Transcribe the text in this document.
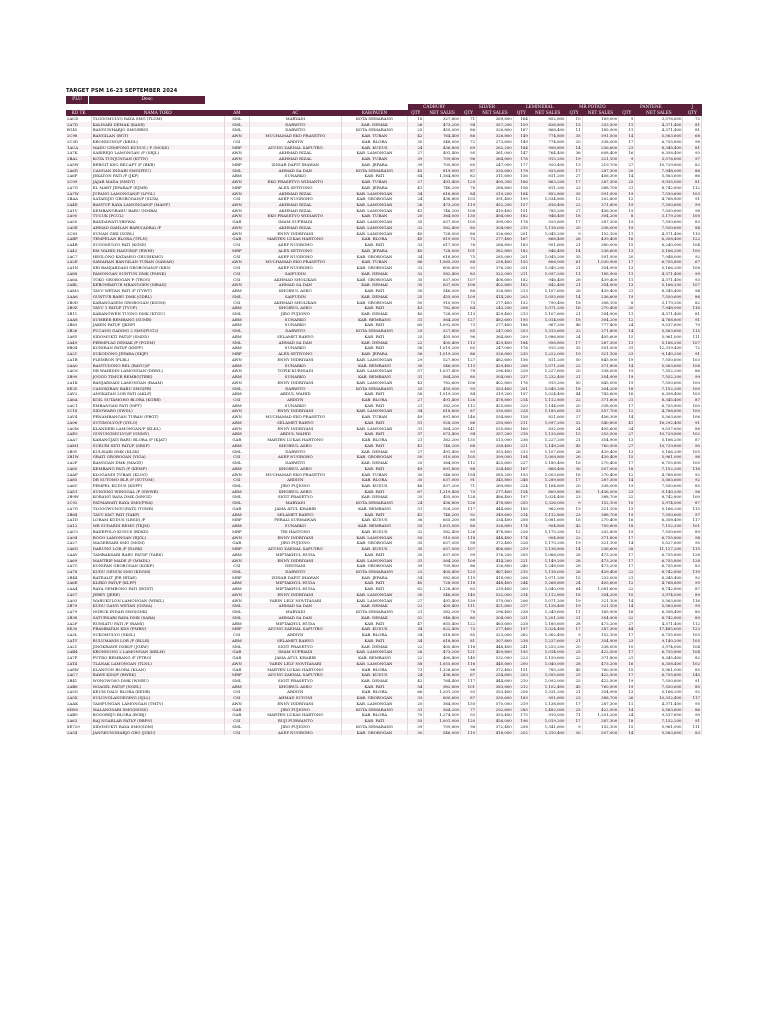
TARGET PSM 16-23 SEPTEMBER 2024
PLU	Desc
					CADBURY		SILVER		LEMINERAL		MR POTATO		PANTENE		J
KD TK	NAMA TOKO	AM	AC	KAB/PATEN	QTY	NET SALES	QTY	NET SALES	QTY	NET SALES	QTY	NET SALES	QTY	NET SALES	QTY
2ACD	TLOGOMULYO RAYA SMG (TLGM)	SML	MARYADI	KOTA SEMARANG	18	327,600	71	269,800	164	852,800	10	169,000	9	3,576,600	72
2A7D	KALISARI DEMAK (KASR)	SML	DARWITO	KAB. DEMAK	26	473,200	94	357,200	159	826,800	15	253,500	11	4,371,400	81
B145	BANGUNHARJO SMG(BBG)	SML	DARWITO	KOTA SEMARANG	25	455,000	86	326,800	167	868,400	11	185,900	11	4,371,400	81
2C98	BANGILAN (BGT)	AWN	MUCHAMAD EKO PRASETYO	KAB. TUBAN	42	764,400	86	326,800	149	774,800	35	591,500	14	5,563,600	68
2C3D	KRONDONG/F (KRDL)	CSI	ARDIYN	KAB. BLORA	30	546,000	72	273,600	149	774,800	20	338,000	17	6,755,800	98
1ACA	MADU CEMPONG KUDUS / F (MCKS)	MRP	AYUNG ZAENAL SAPUTRO	KAB. KUDUS	24	436,800	69	262,200	184	956,800	14	236,600	21	8,345,400	81
2A7K	SARIREJO LAMONGAN /F (SRJL)	AWN	AKHMAD RIZAL	KAB. LAMONGAN	27	491,400	95	361,000	147	764,400	36	608,400	16	6,358,400	93
2BA2	KOTA TUNJUNGAN (KTTN)	AWN	AKHMAD RIZAL	KAB. TUBAN	39	709,800	96	364,800	176	915,200	19	321,100	9	3,576,600	97
2A5W	BERGIT KSO RECAPT /F (BKR)	MRP	ZINIAR DAFIT IHAWAN	KAB. JEPARA	39	709,800	65	247,000	177	920,400	13	219,700	27	10,729,800	82
2A6D	CANGAN INDARI SMG(PDU)	SML	AHMAD SA DAN	KOTA SEMARANG	45	819,000	87	330,600	178	925,600	17	287,300	20	7,948,000	86
2A6P	JEKATON PATI /F (JKP)	ABM	SUNARKO	KAB. PATI	64	1,164,800	82	311,600	156	811,200	27	456,300	14	5,563,600	86
2C09	JAJAR MADA (SMDT)	AWN	EKO PRASETYO WIDIANTO	KAB. TUBAN	27	491,400	129	490,200	166	863,200	17	287,300	25	9,935,000	81
2A7G	EL MART JEPARA/F (EJMR)	MRP	ALEX SETIYONO	KAB. JEPARA	41	746,200	76	288,800	156	811,200	23	388,700	21	8,742,800	112
2A7W	JUPANG LAMONGAN/F (LPGL)	AWN	AKHMAD RIZAL	KAB. LAMONGAN	34	618,800	84	319,200	164	852,800	35	591,500	19	7,550,600	103
2BAA	SATADIJIO GROBOGAN/F (SLTA)	CSI	ASEP NUGROHO	KAB. GROBOGAN	24	436,800	103	391,400	199	1,034,800	12	202,800	12	4,768,800	91
2A4E	BANTUP RAYA LAMONGAN/F (MANF)	AWN	AKHMAD RIZAL	KAB. LAMONGAN	26	473,200	119	452,200	157	816,400	22	371,800	19	7,550,600	99
2A1V	KEMBANGBAHU BARU (NMBA)	AWN	AKHMAD RIZAL	KAB. LAMONGAN	41	746,200	108	410,400	151	785,200	27	456,300	19	7,550,600	98
2A90	TUCUK (PCUL)	AWN	EKO PRASETYO WIDIANTO	KAB. TUBAN	20	364,000	130	494,000	182	946,400	18	304,200	8	3,179,200	100
2A50	BANDAWATU(BDWA)	GAR	IMAM SUFRIADI	KAB. LAMONGAN	35	637,000	105	399,000	178	925,600	17	287,300	19	7,550,600	83
2A5E	AHMAD DAHLAN BARU(ADBA) /F	AWN	AKHMAD RIZAL	KAB. LAMONGAN	32	582,400	80	304,000	215	1,118,000	20	338,000	19	7,550,600	84
2C83	SUNAN GIRI (SGRL)	AWN	ENNY INDRIYANI	KAB. LAMONGAN	40	728,000	86	326,800	201	1,045,200	9	152,100	11	4,371,400	110
2ABP	TEMPELAN BLORA (TPLN)	GAR	MARTEN LUKAS HARTONO	KAB. BLORA	45	819,000	73	277,400	167	868,400	26	439,400	16	6,358,400	122
2A4B	SUGOMULYO PATI (KGSE)	CSI	ASEP NUGROHO	KAB. PATI	33	617,000	76	288,800	183	951,600	21	380,000	15	6,240,000	104
2A42	RM WAHID HASYIM/F (RWHI)	MRP	ALEX SETIYONO	KAB. JEPARA	40	728,000	101	382,800	182	946,400	14	236,600	13	5,166,200	100
2AC7	HEGLONO KATAMSO GRU(HKMG)	CSI	ASEP NUGROHO	KAB. GROBOGAN	34	618,800	75	285,000	201	1,045,200	35	591,500	20	7,948,000	92
2A2E	SAWAHAN BANGILAN TUBAN (SAWAN)	AWN	MUCHAMAD EKO PRASETYO	KAB. TUBAN	86	1,565,200	68	258,400	155	806,000	61	1,030,900	17	6,755,800	67
2A1N	SRI BANJARDADI GROBOGAN/F (KR5)	CSI	ASEP NUGROHO	KAB. GROBOGAN	33	600,600	93	376,200	201	1,045,200	21	354,900	13	5,166,200	108
2A88	PAMONGAN SUNTUN DMK (PMNK)	CSI	SAIFUDIN	KAB. DEMAK	32	582,400	83	322,000	211	1,097,200	11	185,900	11	4,371,400	99
2A6A	TOKO GROBOGAN P (TROG)	CSI	AKHMAD SHOLIKAN	KAB. GROBOGAN	35	637,000	107	406,600	182	946,400	26	439,400	11	4,371,400	93
2ABL	KEBONBATUR MRANGGEN (MRAN)	AWN	AHMAD SA DAN	KAB. DEMAK	35	637,000	106	402,800	162	842,400	21	354,900	13	5,166,200	107
2AM3	TAYU WETAN PATI /F (TYWT)	ABM	KHOIRUL ASRO	KAB. PATI	30	546,000	86	326,800	213	1,107,600	26	439,400	21	8,345,400	94
2AA6	GUNTUR BARU DMK (GDBL)	SML	SAIFUDIN	KAB. DEMAK	25	455,000	109	414,200	203	1,055,600	14	236,600	19	7,550,600	86
2B0D	KARANGASEM GROBOGAN (KSGM)	CSI	AKHMAD SHOLIKAN	KAB. GROBOGAN	50	910,000	73	277,400	152	790,400	18	308,100	8	3,179,200	82
2B9Z	TAYU 1 PATI/F (TYUP)	ABM	KHOIRUL ASRO	KAB. PATI	43	782,600	64	243,200	206	1,071,200	16	270,400	20	7,948,000	116
2B11	KARANGWEH TUGNO DMK (KTGU)	SML	JIRO PUJIONO	KAB. DEMAK	40	728,000	113	429,400	213	1,107,600	21	354,900	11	4,371,400	81
2AA8	SUMBER REMBANG (SUMR)	ABM	SUNARKO	KAB. REMBANG	31	564,200	127	482,600	195	1,014,000	18	304,200	12	4,768,800	91
2B63	JAKEN PATI/F (JKNP)	ABM	SUNARKO	KAB. PATI	60	1,092,000	73	277,400	186	967,200	46	777,400	24	9,537,600	70
2B26	PUCANG GADING 2 SMG(PUG2)	SML	DARWITO	KOTA SEMARANG	29	527,800	65	247,000	253	1,315,600	22	371,800	14	5,563,600	115
2A8Y	SIDOMUKTI PATI/F (SMDD)	ABM	SELAMET RAHYO	KAB. PATI	25	455,000	96	364,800	209	1,086,800	24	405,600	15	5,961,000	111
2A49	PERMPLAS DEMAK /F (PGDM)	SML	AHMAD SA DAN	KAB. DEMAK	22	400,400	113	429,400	184	956,800	17	287,300	13	5,166,200	107
8B04	KUNIRAN PATI/F (KNPP)	ABM	SUNARKO	KAB. PATI	56	1,019,200	65	247,000	176	915,200	35	591,500	31	12,319,400	72
2A21	SUKODONO JEPARA (SKJP)	MRP	ALEX SETIYONO	KAB. JEPARA	56	1,019,200	86	326,800	235	1,222,000	19	321,100	23	9,140,200	91
2A1B	PLEMBON (PLBL)	AWN	ENNY INDRIYANI	KAB. LAMONGAN	29	527,800	127	482,600	156	811,200	50	845,000	19	7,550,600	103
2AA0	BANTUDONO REL (BAYU)/F	ABM	SUNARKO	KAB. REMBANG	30	546,000	113	429,400	206	1,071,200	22	371,800	14	5,563,600	106
2AC6	DR WAHIDIN LAMONGAN (DRWL)	AWN	TOFIK KURNIADI	KAB. LAMONGAN	57	1,037,400	78	296,400	228	1,227,600	20	338,000	19	7,552,200	86
2B99	JOGGO TIMUR REMBG(TIRE)	ABM	SUNARKO	KAB. REMBANG	31	564,200	80	304,000	237	1,232,400	21	354,900	19	7,552,200	99
2A1K	BANJARDADI LAMONGAN (BAAM)	AWN	ENNY INDRIYANI	KAB. LAMONGAN	43	782,600	106	402,800	176	915,200	50	845,000	19	7,550,600	100
8E35	CANGKIRAN BARU SMG(PB)	SML	DARWITO	KOTA SEMARANG	25	455,000	93	353,400	201	1,045,200	18	304,200	18	7,152,200	100
2AV2	ANGKATAN LOR PATI (AKLP)	ABM	ABDUL WAHID	KAB. PATI	56	1,019,200	84	319,200	197	1,024,400	44	743,600	16	6,358,400	103
2A6A	KOIL SUTAMOHO BLORA (KGRB)	CSI	ARDIYN	KAB. BLORA	27	491,400	126	478,800	214	1,112,800	22	371,800	21	8,345,400	87
2AC1	EMBANGAN PATI (MPT)	ABM	SUNARKO	KAB. PATI	21	382,200	112	425,600	220	1,144,000	20	338,000	17	6,755,800	100
2C18	SIDOWARO (SWDL)	AWN	ENNY INDRIYANI	KAB. LAMONGAN	34	618,800	87	330,600	228	1,185,600	33	557,700	12	4,768,800	100
2AV4	PENAMBANGAN TUBAN (PBGT)	AWN	MUCHAMAD EKO PRASETYO	KAB. TUBAN	49	891,800	146	554,800	158	821,600	27	456,300	14	5,563,600	106
2A96	SUTIMOLYO/F (SYLO)	ABM	SELAMET RAHYO	KAB. PATI	51	928,200	66	250,800	211	1,097,200	32	540,800	41	16,292,400	91
2A0M	KLANDERI LAMONGAN/F (KLKL)	AWN	ENNY INDRIYANI	KAB. LAMONGAN	31	564,200	141	535,800	160	832,000	24	405,600	24	9,537,600	88
2AE5	GUNUNGMULYO/F (GNMY)	ABM	ABDUL WAHID	KAB. PATI	37	673,400	94	357,200	218	1,133,600	15	253,500	27	10,729,800	102
2AA7	KARANGJATI BARU BLORA /F (KJAT)	GAR	MARTEN LUKAS HARTONO	KAB. BLORA	21	382,200	135	513,000	236	1,227,200	21	354,900	13	5,166,200	87
2AM1	SURURI SETI PATI/F (SRSP)	ABM	KHOIRUL ASRO	KAB. PATI	41	746,200	68	258,400	221	1,149,200	45	760,500	27	10,729,800	90
2B0Y	KULISARI DMK (KLSK)	SML	DARWITO	KAB. DEMAK	27	491,400	93	353,400	213	1,107,600	26	439,400	13	5,166,200	105
2B1W	GRATI GROBOGAN (YIGA)	CSI	ASEP NUGROHO	KAB. GROBOGAN	50	910,000	105	399,000	194	1,008,800	26	439,400	15	5,961,000	96
2A2P	BANGGAN DMK (MAGD)	SML	DARWITO	KAB. DEMAK	20	364,000	112	425,600	227	1,180,400	16	270,400	17	6,755,800	100
2A60	KEMBANG PATI /F (KEMP)	ABM	KHOIRUL ASRO	KAB. PATI	49	891,800	88	334,400	167	868,400	30	507,000	18	7,152,200	116
2AAF	KLOGANDI TUBAN (KLOG)	AWN	MUCHAMAD EKO PRASETYO	KAB. TUBAN	30	546,000	154	585,200	193	1,003,600	16	270,400	12	4,768,800	92
2A85	DR SUTOMO BLR /F (SUTOM)	CSI	ARDIYN	KAB. BLORA	35	637,000	91	345,800	248	1,289,600	17	287,300	14	5,563,600	92
2A6C	PEMPEL KUDUS (KDPP)	SML	JIRO PUJIONO	KAB. KUDUS	46	837,200	71	269,800	224	1,164,800	20	338,000	19	7,550,600	85
2AS1	SUNGING WINGGAL /F (SWWR)	ABM	KHOIRUL ASRO	KAB. PATI	67	1,219,400	73	277,400	154	800,800	85	1,436,500	23	9,140,200	96
2B9W	KORANG RAYA DMK (MNOZ)	SML	SIGIT PRASETYO	KAB. DEMAK	25	455,000	128	486,400	197	1,024,400	23	388,700	22	8,742,800	100
2C92	FATMAWATI RAYA SMG(FWA)	SML	MARYADI	KOTA SEMARANG	24	436,800	126	478,800	255	1,326,000	9	152,100	10	3,974,000	87
2A7G	TLOGOWUNGU(PATI) (TGWR)	GAR	JAMA ATUL KHABIB	KAB. REMBANG	51	928,200	117	444,600	185	962,000	19	321,100	13	5,166,200	115
2B64	TAYU KM7 PATI (TAKP)	ABM	SELAMET RAHYO	KAB. PATI	41	746,200	92	349,600	214	1,112,800	23	388,700	19	7,550,600	97
2A1D	LORAM KUDUS (LRSD) /F	MRP	FERALI SURMAWAN	KAB. KUDUS	36	655,200	88	334,400	208	1,081,600	16	270,400	16	6,358,400	117
2A12	MR SUDARDI REMG (TKJM)	ABM	SUNARKO	KAB. REMBANG	55	1,001,000	86	326,800	174	904,800	42	709,800	18	7,152,200	101
2AC9	BADEPOLO KUDUS (BDKD)	MRP	TRI HASTONO	KAB. KUDUS	32	582,400	126	478,800	226	1,175,200	12	202,800	19	7,550,600	89
2A94	ROGO LAMONGAN (RJGL)	AWN	ENNY INDRIYANI	KAB. LAMONGAN	50	910,000	118	448,400	174	904,800	22	371,800	17	6,755,800	94
2A27	MAGERSARI SMG (MGM)	GAR	JIRO PUJIONO	KAB. GROBOGAN	35	637,000	98	372,400	226	1,175,200	19	321,100	14	5,527,600	95
2A6G	DARUNG LOR /F (DLRK)	MRP	AYUNG ZAENAL SAPUTRO	KAB. KUDUS	35	637,000	107	406,600	219	1,138,800	14	236,600	28	11,127,200	115
2AAY	TAMBAKSARI BARU PATI/F (TABS)	ABM	MIFTAKHUL HUDA	KAB. PATI	35	637,000	99	376,200	205	1,066,000	28	473,200	17	6,755,800	128
2A69	MANTRIP MADE /F (MMDL)	AWN	ENNY INDRIYANI	KAB. LAMONGAN	31	564,200	109	414,200	221	1,149,200	28	473,200	17	6,755,800	128
2A7C	KUNIPAN GROBOGAN (KGKP)	CSI	DESTIANI	KAB. GROBOGAN	39	709,800	86	326,800	240	1,248,000	28	473,200	17	6,755,800	83
2A78	KUDU GENUK SMG (KDGM)	SML	DARWITO	KOTA SEMARANG	23	400,400	123	467,400	215	1,118,000	26	439,400	22	8,742,800	119
2B44	BATEALIT JPR (BTAE)	MRP	ZINIAR DAFIT IHAWAN	KAB. JEPARA	54	982,800	110	418,000	206	1,071,200	15	253,500	21	8,345,400	92
2A6E	KLEKO PATI/F (KLPP)	ABM	MIFTAKHUL HUDA	KAB. PATI	40	728,000	118	448,400	244	1,268,800	24	405,600	12	4,768,800	95
2AA4	RAYA GEMBONG PATI (RGDT)	ABM	MIFTAKHUL HUDA	KAB. PATI	62	1,128,400	63	239,400	200	1,040,000	64	1,081,600	22	8,742,800	87
2A57	JEREY (JERE)	AWN	ENNY INDRIYANI	KAB. LAMONGAN	30	546,000	140	532,000	214	1,112,800	18	304,200	10	3,974,000	89
2A93	WARUKULON LAMONGAN (WRKL)	AWN	VARIN LELY NOVITASARI	KAB. LAMONGAN	27	491,400	150	570,000	206	1,071,200	19	321,100	14	5,563,600	116
2B79	KUDU GANG WETAN (GSWA)	SML	AHMAD SA DAN	KAB. DEMAK	22	400,400	111	421,800	217	1,128,400	19	321,100	14	5,563,600	99
2A79	NGRUK INDAH SMG(GNK)	SML	MARYADI	KOTA SEMARANG	21	382,200	78	296,400	238	1,249,600	11	185,900	16	6,358,400	80
2B38	SATURSARI RAYA DMK (SARA)	SML	AHMAD SA DAN	KAB. DEMAK	52	946,400	80	304,000	231	1,201,200	21	354,900	22	8,742,800	89
2A2F	RUMIATU PATI /F (RAMI)	ABM	MIFTAKHUL HUDA	KAB. PATI	47	855,400	122	463,600	228	1,185,600	28	473,200	27	4,371,400	112
8E30	PRAMBATAN KDS (PMBN)	MRP	AYUNG ZAENAL SAPUTRO	KAB. KUDUS	34	622,400	73	277,400	197	1,024,400	17	287,300	44	17,485,600	123
2A3L	SUKOMULYO (SKSL)	CSI	ARDIYN	KAB. BLORA	34	618,800	85	323,000	262	1,362,400	9	152,100	17	6,755,800	103
2A1Y	BULUMANIS LOR /F (BLLR)	ABM	SELAMET RAHYO	KAB. PATI	34	618,800	81	307,800	238	1,237,600	21	354,900	23	9,140,200	105
2A21	JINGKRAWE DMK/F (JGKW)	SML	SIGIT PRASETYO	KAB. DEMAK	22	400,400	118	448,400	241	1,253,200	20	338,000	10	3,974,000	104
2AB4	KRONDONG 2 LAMONGAN (KRLM)	GAR	IMAM SUFRIADI	KAB. LAMONGAN	26	473,200	121	459,800	195	1,014,000	25	422,500	17	6,755,800	104
2A7F	PUTRO REMBANG /F (PTRO)	GAR	JAMA ATUL KHABIB	KAB. REMBANG	22	400,400	140	532,000	223	1,159,600	22	371,800	21	8,345,400	82
2AT4	TLANAK LAMONGAN (TLNL)	AWN	VARIN LELY NOVITASARI	KAB. LAMONGAN	58	1,055,600	116	440,800	200	1,040,000	28	473,200	16	6,358,400	102
2A8W	KLANGON BLORA (KLAN)	GAR	MARTEN LUKAS HARTONO	KAB. BLORA	73	1,328,600	98	372,400	151	785,200	45	760,500	15	5,961,000	85
2AC7	BAWE KDS/F (BWEK)	MRP	AYUNG ZAENAL SAPUTRO	KAB. KUDUS	24	436,800	67	254,600	203	1,055,600	25	422,500	17	6,755,800	140
2B41	WONOWOSO DMK (WNBU)	SML	SIGIT PRASETYO	KAB. DEMAK	42	764,400	117	444,600	210	1,092,000	25	422,500	19	7,550,600	91
2AB6	NGAGEL PATI/F (NGEL)	ABM	KHOIRUL ASRO	KAB. PATI	54	982,800	101	383,800	212	1,102,400	45	760,500	19	7,550,600	85
2A5G	KEUM DALU BLORA (KEDB)	CSI	ARDIYN	KAB. BLORA	66	1,201,200	93	353,400	256	1,331,200	21	354,900	13	5,166,200	92
2A5X	SULUNGLANGEGING (SJLL)	CSI	AHMAD SUYONI	KAB. GROBOGAN	33	600,600	87	330,600	183	951,600	23	388,700	26	10,332,400	117
2AAK	TAMPUNGAN LAMONGAN (TMTY)	AWN	ENNY INDRIYANI	KAB. LAMONGAN	20	364,000	150	570,000	219	1,138,800	17	287,300	11	4,371,400	95
8H08	MALANGSARI SMG(MGSS)	GAR	JIRO PUJIONO	KOTA SEMARANG	31	564,200	77	292,600	285	1,482,000	25	422,500	14	5,563,600	86
2AB9	BOGOREJO BLORA (BGBJ)	GAR	MARTEN LUKAS HARTONO	KAB. BLORA	70	1,274,000	93	353,400	175	910,000	71	1,201,200	24	9,537,600	90
2A63	RAJ NGARLAR PATI/F (RBPN)	CSI	RUJI PURWANTO	KAB. PATI	55	1,001,000	120	456,000	196	1,019,200	17	287,300	18	7,152,200	91
8E729	SIDOMUKTI RAYA SMG(SDM)	SML	JIRO PUJIONO	KOTA SEMARANG	39	709,800	98	372,400	258	1,341,600	9	152,100	15	5,961,000	111
2A34	JANGKUNGHARJO GRG (JGKU)	CSI	ASEP NUGROHO	KAB. GROBOGAN	30	546,000	110	418,000	252	1,310,400	30	507,000	14	5,563,600	83
